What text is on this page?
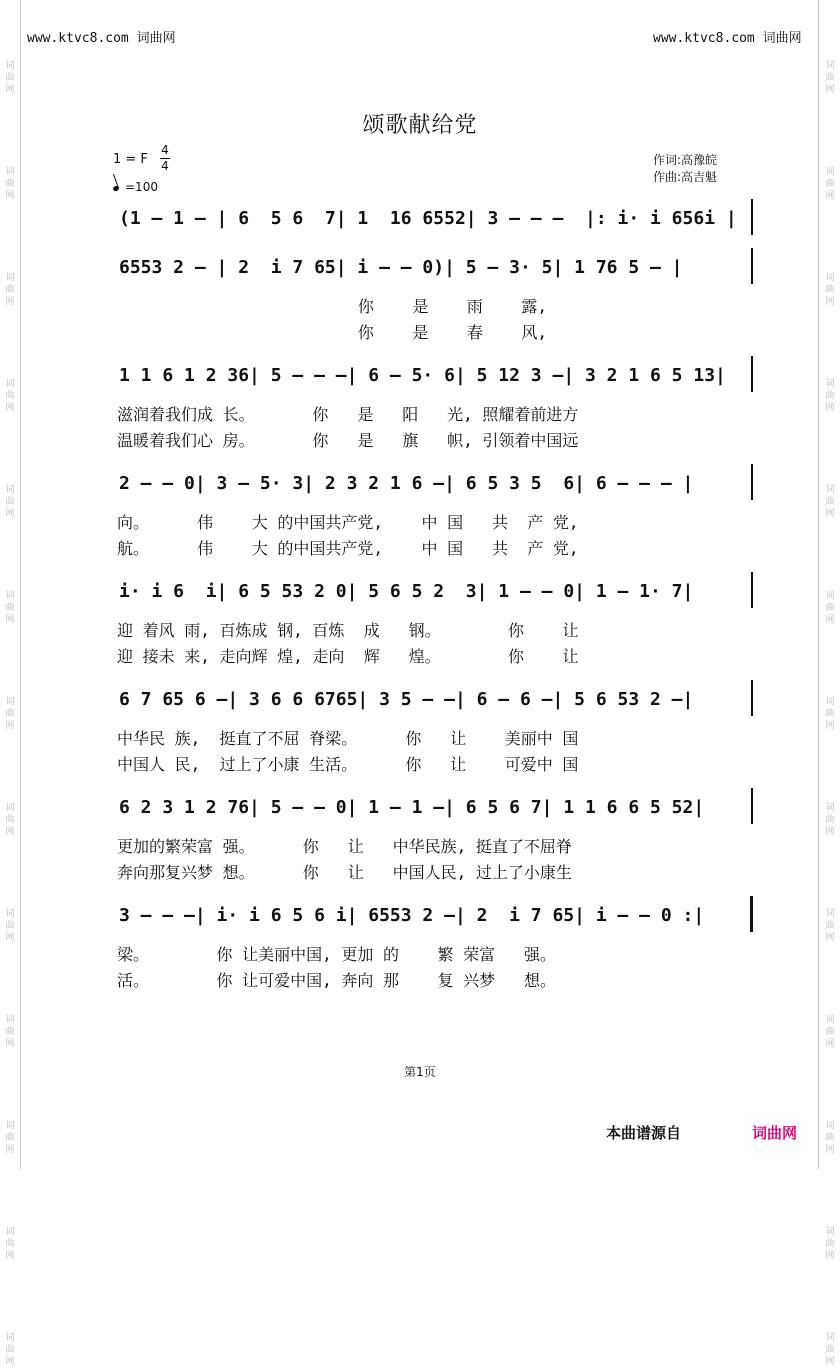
词曲网
词曲网
词曲网
词曲网
词曲网
词曲网
词曲网
词曲网
词曲网
词曲网
词曲网
词曲网
词曲网
词曲网
词曲网
词曲网
词曲网
词曲网
词曲网
词曲网
词曲网
词曲网
词曲网
词曲网
词曲网
词曲网
www.ktvc8.com 词曲网	www.ktvc8.com 词曲网
颂歌献给党
1 = F $\frac{4}{4}$
=100
作词:高豫皖
作曲:高吉魁
(1 – 1 – | 6  5 6  7| 1  16 6552| 3 – – –  |: i· i 656i |
6553 2 – | 2  i 7 65| i – – 0)| 5 – 3· 5| 1 76 5 – |
你    是    雨    露,
你    是    春    风,
1 1 6 1 2 36| 5 – – –| 6 – 5· 6| 5 12 3 –| 3 2 1 6 5 13|
滋润着我们成 长。      你   是   阳   光, 照耀着前进方
温暖着我们心 房。      你   是   旗   帜, 引领着中国远
2 – – 0| 3 – 5· 3| 2 3 2 1 6 –| 6 5 3 5  6| 6 – – – |
向。     伟    大 的中国共产党,    中 国   共  产 党,
航。     伟    大 的中国共产党,    中 国   共  产 党,
i· i 6  i| 6 5 53 2 0| 5 6 5 2  3| 1 – – 0| 1 – 1· 7|
迎 着风 雨, 百炼成 钢, 百炼  成   钢。       你    让
迎 接未 来, 走向辉 煌, 走向  辉   煌。       你    让
6 7 65 6 –| 3 6 6 6765| 3 5 – –| 6 – 6 –| 5 6 53 2 –|
中华民 族,  挺直了不屈 脊梁。     你   让    美丽中 国
中国人 民,  过上了小康 生活。     你   让    可爱中 国
6 2 3 1 2 76| 5 – – 0| 1 – 1 –| 6 5 6 7| 1 1 6 6 5 52|
更加的繁荣富 强。     你   让   中华民族, 挺直了不屈脊
奔向那复兴梦 想。     你   让   中国人民, 过上了小康生
3 – – –| i· i 6 5 6 i| 6553 2 –| 2  i 7 65| i – – 0 :|
梁。       你 让美丽中国, 更加 的    繁 荣富   强。
活。       你 让可爱中国, 奔向 那    复 兴梦   想。
第1页
本曲谱源自	词曲网
